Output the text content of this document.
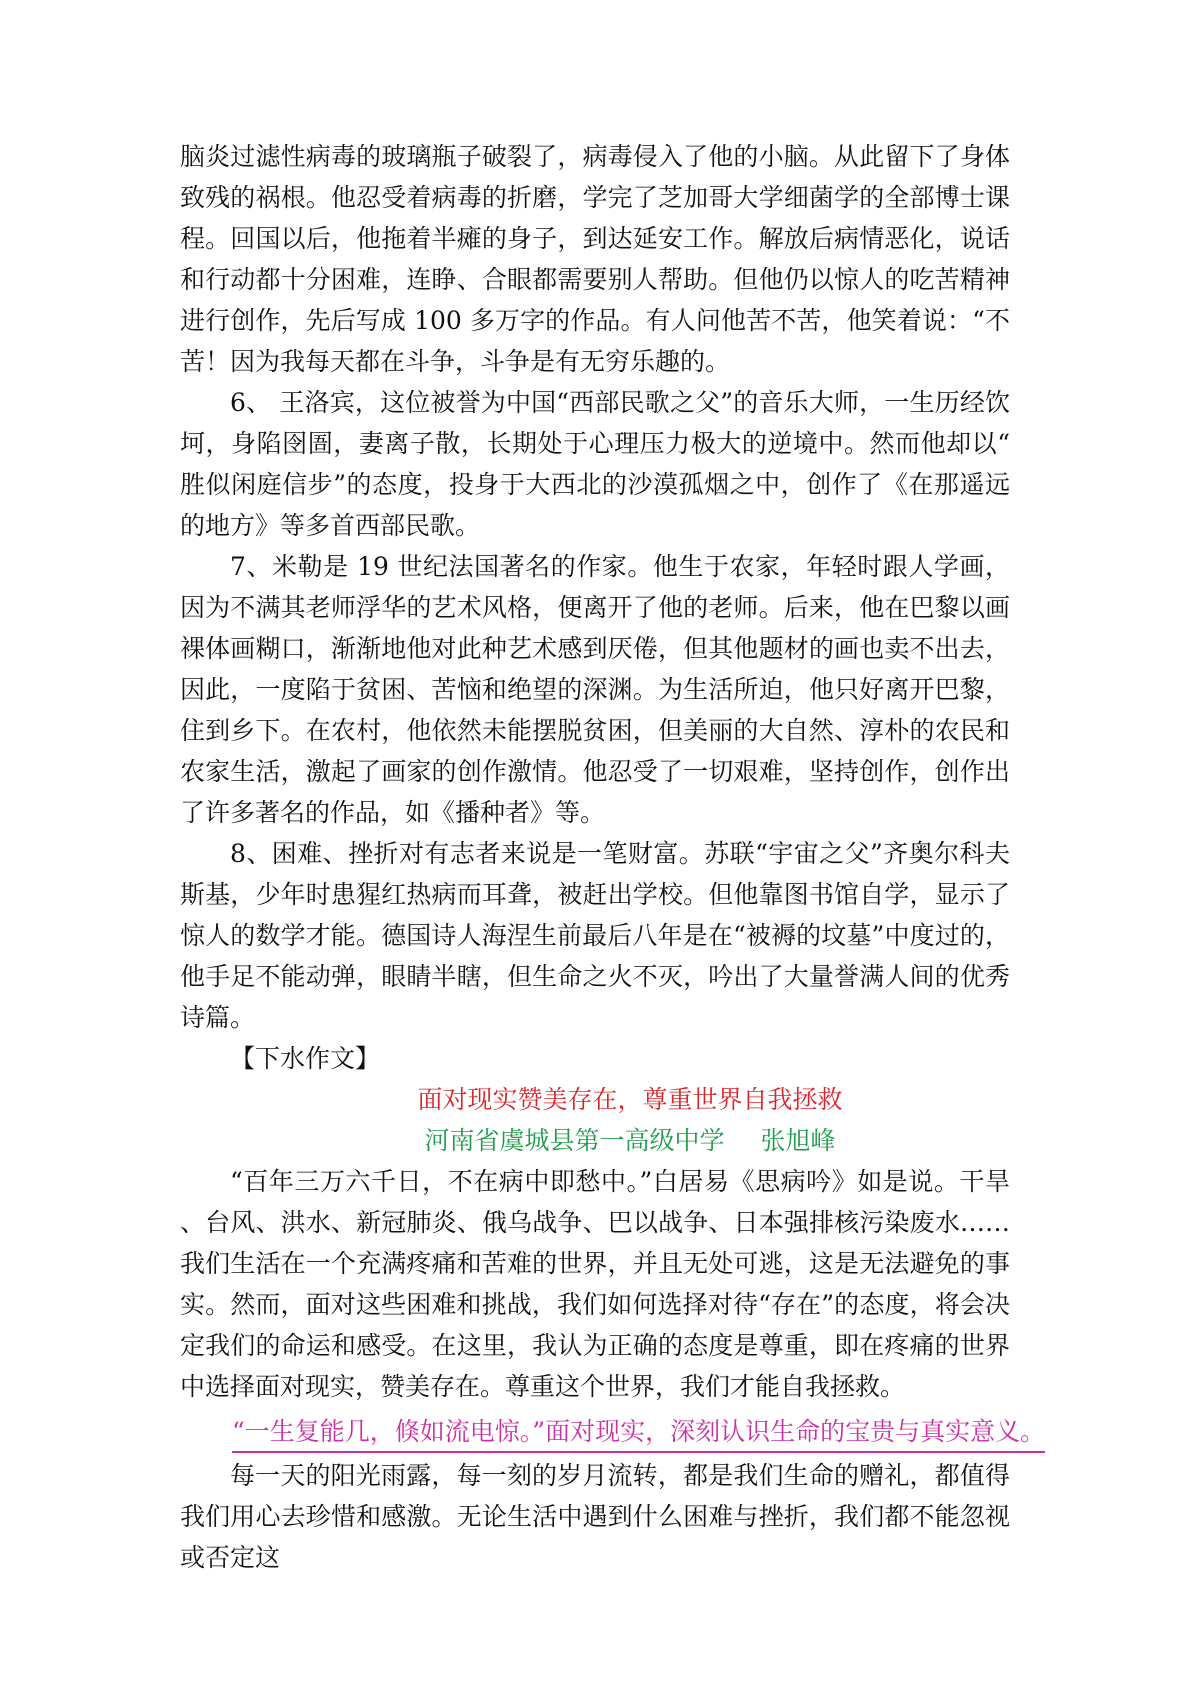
脑炎过滤性病毒的玻璃瓶子破裂了，病毒侵入了他的小脑。从此留下了身体致残的祸根。他忍受着病毒的折磨，学完了芝加哥大学细菌学的全部博士课程。回国以后，他拖着半瘫的身子，到达延安工作。解放后病情恶化，说话和行动都十分困难，连睁、合眼都需要别人帮助。但他仍以惊人的吃苦精神进行创作，先后写成 100 多万字的作品。有人问他苦不苦，他笑着说：“不苦！因为我每天都在斗争，斗争是有无穷乐趣的。

6、 王洛宾，这位被誉为中国“西部民歌之父”的音乐大师，一生历经饮坷，身陷囹圄，妻离子散，长期处于心理压力极大的逆境中。然而他却以“胜似闲庭信步”的态度，投身于大西北的沙漠孤烟之中，创作了《在那遥远的地方》等多首西部民歌。

7、米勒是 19 世纪法国著名的作家。他生于农家，年轻时跟人学画，因为不满其老师浮华的艺术风格，便离开了他的老师。后来，他在巴黎以画裸体画糊口，渐渐地他对此种艺术感到厌倦，但其他题材的画也卖不出去，因此，一度陷于贫困、苦恼和绝望的深渊。为生活所迫，他只好离开巴黎，住到乡下。在农村，他依然未能摆脱贫困，但美丽的大自然、淳朴的农民和农家生活，激起了画家的创作激情。他忍受了一切艰难，坚持创作，创作出了许多著名的作品，如《播种者》等。

8、困难、挫折对有志者来说是一笔财富。苏联“宇宙之父”齐奥尔科夫斯基，少年时患猩红热病而耳聋，被赶出学校。但他靠图书馆自学，显示了惊人的数学才能。德国诗人海涅生前最后八年是在“被褥的坟墓”中度过的，他手足不能动弹，眼睛半瞎，但生命之火不灭，吟出了大量誉满人间的优秀诗篇。

【下水作文】

面对现实赞美存在，尊重世界自我拯救

河南省虞城县第一高级中学 张旭峰

“百年三万六千日，不在病中即愁中。”白居易《思病吟》如是说。干旱、台风、洪水、新冠肺炎、俄乌战争、巴以战争、日本强排核污染废水……我们生活在一个充满疼痛和苦难的世界，并且无处可逃，这是无法避免的事实。然而，面对这些困难和挑战，我们如何选择对待“存在”的态度，将会决定我们的命运和感受。在这里，我认为正确的态度是尊重，即在疼痛的世界中选择面对现实，赞美存在。尊重这个世界，我们才能自我拯救。

“一生复能几，倏如流电惊。”面对现实，深刻认识生命的宝贵与真实意义。

每一天的阳光雨露，每一刻的岁月流转，都是我们生命的赠礼，都值得我们用心去珍惜和感激。无论生活中遇到什么困难与挫折，我们都不能忽视或否定这
